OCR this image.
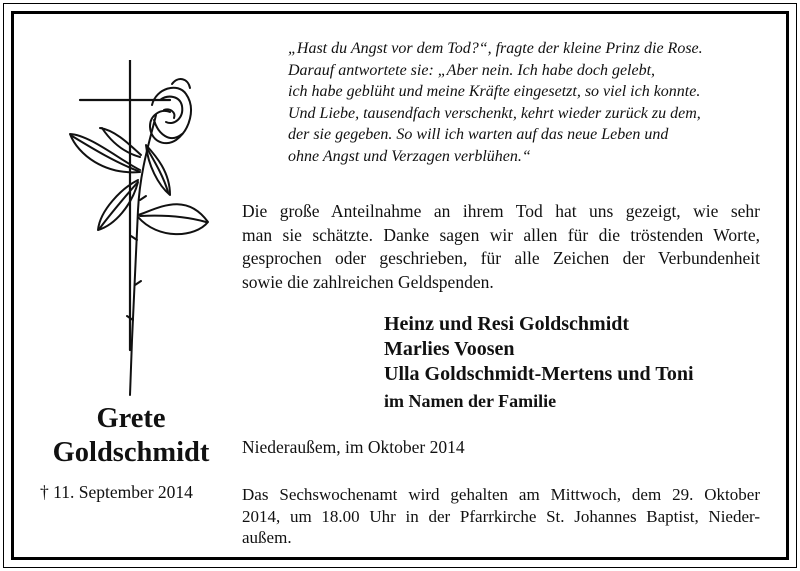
„Hast du Angst vor dem Tod?“, fragte der kleine Prinz die Rose.
Darauf antwortete sie: „Aber nein. Ich habe doch gelebt,
ich habe geblüht und meine Kräfte eingesetzt, so viel ich konnte.
Und Liebe, tausendfach verschenkt, kehrt wieder zurück zu dem,
der sie gegeben. So will ich warten auf das neue Leben und
ohne Angst und Verzagen verblühen.“
Die große Anteilnahme an ihrem Tod hat uns gezeigt, wie sehr
man sie schätzte. Danke sagen wir allen für die tröstenden Worte,
gesprochen oder geschrieben, für alle Zeichen der Verbundenheit
sowie die zahlreichen Geldspenden.
Heinz und Resi Goldschmidt
Marlies Voosen
Ulla Goldschmidt-Mertens und Toni
im Namen der Familie
Grete
Goldschmidt
† 11. September 2014
Niederaußem, im Oktober 2014
Das Sechswochenamt wird gehalten am Mittwoch, dem 29. Oktober
2014, um 18.00 Uhr in der Pfarrkirche St. Johannes Baptist, Nieder-
außem.
